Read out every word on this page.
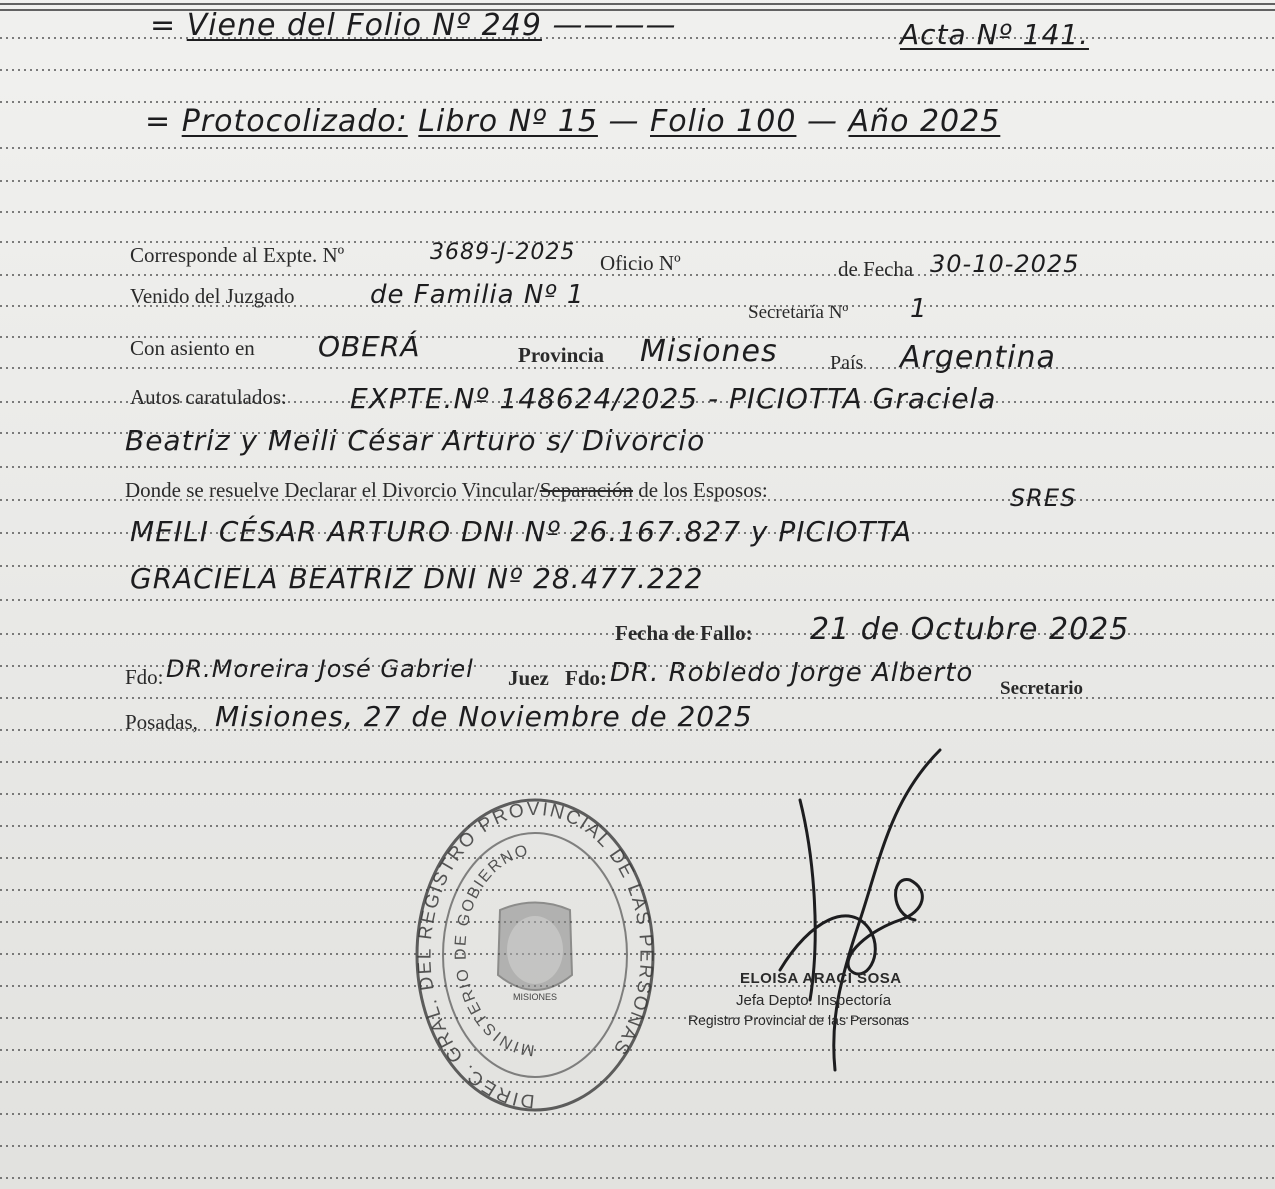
= Viene del Folio Nº 249 ————	Acta Nº 141.
= Protocolizado: Libro Nº 15 — Folio 100 — Año 2025
Corresponde al Expte. Nº	3689-J-2025 Oficio Nº	de Fecha 30-10-2025
Venido del Juzgado	de Familia Nº 1
Secretaría Nº 1
Con asiento en OBERÁ	Provincia Misiones	País Argentina
Autos caratulados: EXPTE.Nº 148624/2025 - PICIOTTA Graciela
Beatriz y Meili César Arturo s/ Divorcio
Donde se resuelve Declarar el Divorcio Vincular/Separación de los Esposos:	SRES
MEILI CÉSAR ARTURO DNI Nº 26.167.827 y PICIOTTA
GRACIELA BEATRIZ DNI Nº 28.477.222
Fecha de Fallo: 21 de Octubre 2025
Fdo: DR.Moreira José Gabriel Juez Fdo: DR. Robledo Jorge Alberto
Secretario
Posadas, Misiones, 27 de Noviembre de 2025
DIREC. GRAL. DEL REGISTRO PROVINCIAL DE LAS PERSONAS
MINISTERIO DE GOBIERNO
MISIONES
ELOISA ARACI SOSA
Jefa Depto. Inspectoría
Registro Provincial de las Personas
